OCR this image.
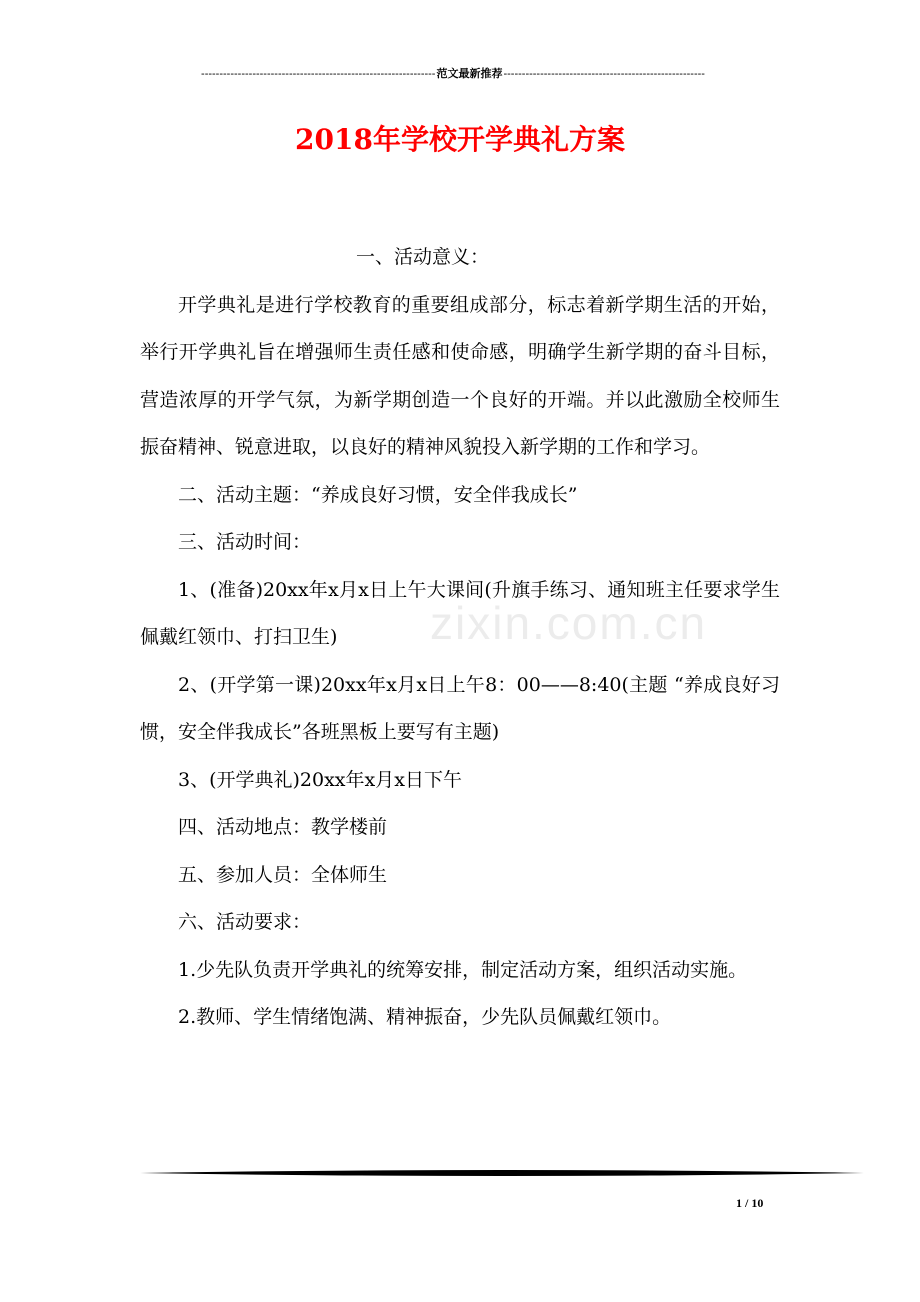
----------------------------------------------------------------范文最新推荐-------------------------------------------------------
2018年学校开学典礼方案
zixin.com.cn

一、活动意义：

开学典礼是进行学校教育的重要组成部分，标志着新学期生活的开始，举行开学典礼旨在增强师生责任感和使命感，明确学生新学期的奋斗目标，营造浓厚的开学气氛，为新学期创造一个良好的开端。并以此激励全校师生振奋精神、锐意进取，以良好的精神风貌投入新学期的工作和学习。

二、活动主题：“养成良好习惯，安全伴我成长”

三、活动时间：

1、(准备)20xx年x月x日上午大课间(升旗手练习、通知班主任要求学生佩戴红领巾、打扫卫生)

2、(开学第一课)20xx年x月x日上午8：00——8:40(主题 “养成良好习惯，安全伴我成长”各班黑板上要写有主题)

3、(开学典礼)20xx年x月x日下午

四、活动地点：教学楼前

五、参加人员：全体师生

六、活动要求：

1.少先队负责开学典礼的统筹安排，制定活动方案，组织活动实施。

2.教师、学生情绪饱满、精神振奋，少先队员佩戴红领巾。

1 / 10
